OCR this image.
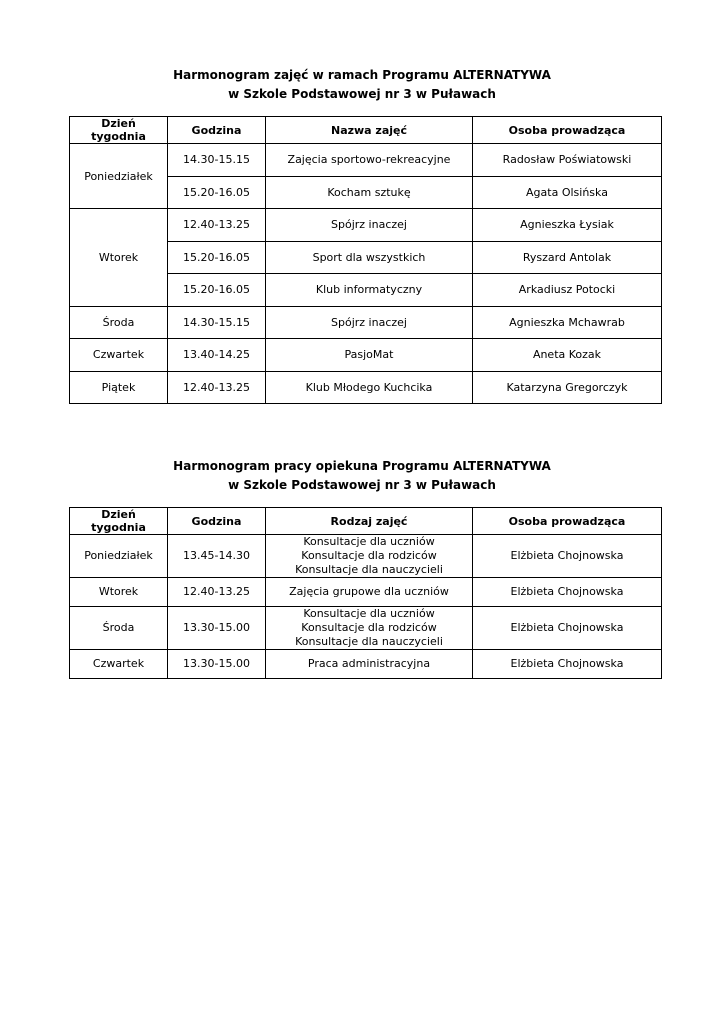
Harmonogram zajęć w ramach Programu ALTERNATYWA
w Szkole Podstawowej nr 3 w Puławach
Dzień tygodnia	Godzina	Nazwa zajęć	Osoba prowadząca
Poniedziałek	14.30-15.15	Zajęcia sportowo-rekreacyjne	Radosław Poświatowski
	15.20-16.05	Kocham sztukę	Agata Olsińska
Wtorek	12.40-13.25	Spójrz inaczej	Agnieszka Łysiak
	15.20-16.05	Sport dla wszystkich	Ryszard Antolak
	15.20-16.05	Klub informatyczny	Arkadiusz Potocki
Środa	14.30-15.15	Spójrz inaczej	Agnieszka Mchawrab
Czwartek	13.40-14.25	PasjoMat	Aneta Kozak
Piątek	12.40-13.25	Klub Młodego Kuchcika	Katarzyna Gregorczyk
Harmonogram pracy opiekuna Programu ALTERNATYWA
w Szkole Podstawowej nr 3 w Puławach
Dzień tygodnia	Godzina	Rodzaj zajęć	Osoba prowadząca
Poniedziałek	13.45-14.30	Konsultacje dla uczniów
Konsultacje dla rodziców
Konsultacje dla nauczycieli	Elżbieta Chojnowska
Wtorek	12.40-13.25	Zajęcia grupowe dla uczniów	Elżbieta Chojnowska
Środa	13.30-15.00	Konsultacje dla uczniów
Konsultacje dla rodziców
Konsultacje dla nauczycieli	Elżbieta Chojnowska
Czwartek	13.30-15.00	Praca administracyjna	Elżbieta Chojnowska
